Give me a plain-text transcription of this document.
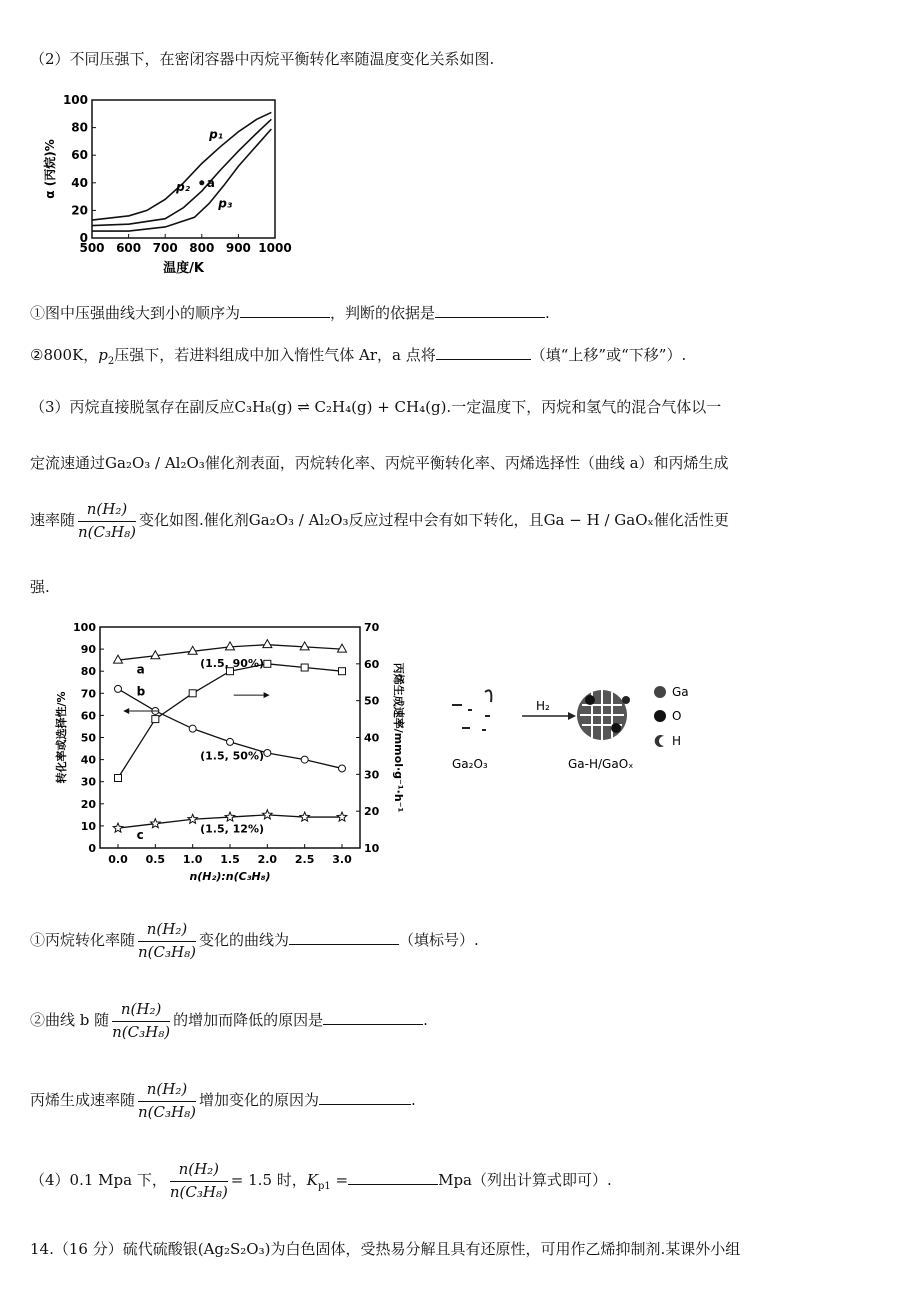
（2）不同压强下，在密闭容器中丙烷平衡转化率随温度变化关系如图.
500 600 700 800 900 1000
0
20
40
60
80
100
温度/K
α (丙烷)%
p₁
p₂
p₃
a
①图中压强曲线大到小的顺序为	，判断的依据是	.
②800K，$p_2$压强下，若进料组成中加入惰性气体 Ar，a 点将	（填“上移”或“下移”）.
（3）丙烷直接脱氢存在副反应C₃H₈(g) ⇌ C₂H₄(g) + CH₄(g).一定温度下，丙烷和氢气的混合气体以一
定流速通过Ga₂O₃ / Al₂O₃催化剂表面，丙烷转化率、丙烷平衡转化率、丙烯选择性（曲线 a）和丙烯生成
速率随 $\frac{\text{n(H₂)}}{\text{n(C₃H₈)}}$ 变化如图.催化剂Ga₂O₃ / Al₂O₃反应过程中会有如下转化，且Ga − H / GaOₓ催化活性更
强.
0.0 0.5 1.0 1.5 2.0 2.5 3.0
0
10
20
30
40
50
60
70
80
90
100
10
20
30
40
50
60
70
n(H₂):n(C₃H₈)
转化率或选择性/%	丙烯生成速率/mmol·g⁻¹·h⁻¹
a
b
c
(1.5, 90%)
(1.5, 50%)
(1.5, 12%)
Ga₂O₃
H₂
Ga-H/GaOₓ
Ga
O
H
①丙烷转化率随 $\frac{\text{n(H₂)}}{\text{n(C₃H₈)}}$ 变化的曲线为	（填标号）.
②曲线 b 随 $\frac{\text{n(H₂)}}{\text{n(C₃H₈)}}$ 的增加而降低的原因是	.
丙烯生成速率随 $\frac{\text{n(H₂)}}{\text{n(C₃H₈)}}$ 增加变化的原因为	.
（4）0.1 Mpa 下， $\frac{\text{n(H₂)}}{\text{n(C₃H₈)}} = 1.5$ 时，$K_{p1}$ =	Mpa（列出计算式即可）.
14.（16 分）硫代硫酸银(Ag₂S₂O₃)为白色固体，受热易分解且具有还原性，可用作乙烯抑制剂.某课外小组
